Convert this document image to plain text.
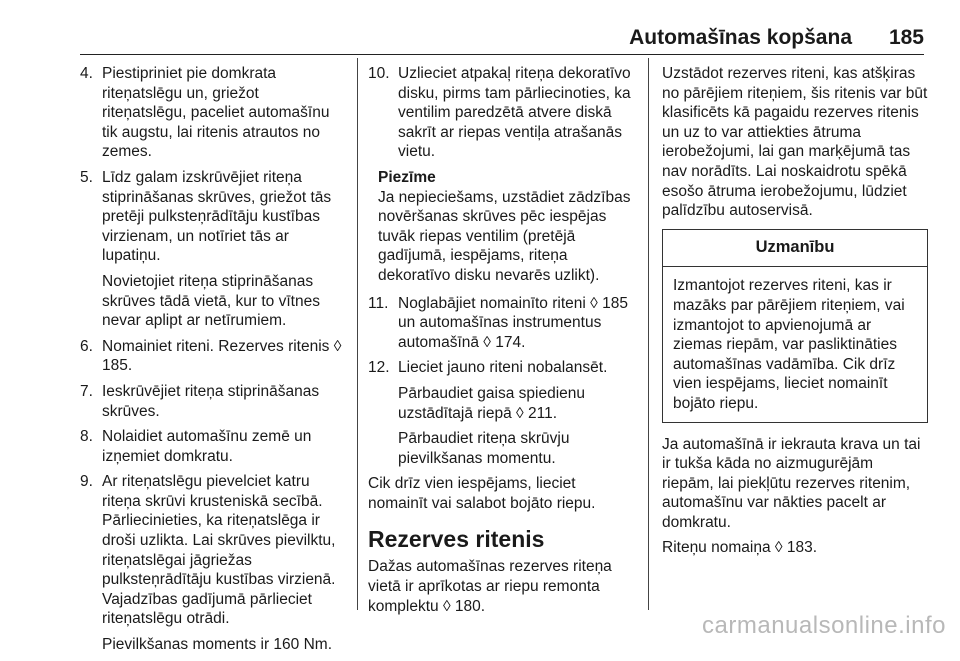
Automašīnas kopšana 185
4. Piestipriniet pie domkrata riteņatslēgu un, griežot riteņatslēgu, paceliet automašīnu tik augstu, lai ritenis atrautos no zemes.

5. Līdz galam izskrūvējiet riteņa stiprināšanas skrūves, griežot tās pretēji pulksteņrādītāju kustības virzienam, un notīriet tās ar lupatiņu.

Novietojiet riteņa stiprināšanas skrūves tādā vietā, kur to vītnes nevar aplipt ar netīrumiem.

6. Nomainiet riteni. Rezerves ritenis ◊ 185.

7. Ieskrūvējiet riteņa stiprināšanas skrūves.

8. Nolaidiet automašīnu zemē un izņemiet domkratu.

9. Ar riteņatslēgu pievelciet katru riteņa skrūvi krusteniskā secībā. Pārliecinieties, ka riteņatslēga ir droši uzlikta. Lai skrūves pievilktu, riteņatslēgai jāgriežas pulksteņrādītāju kustības virzienā. Vajadzības gadījumā pārlieciet riteņatslēgu otrādi.

Pievilkšanas moments ir 160 Nm.

10. Uzlieciet atpakaļ riteņa dekoratīvo disku, pirms tam pārliecinoties, ka ventilim paredzētā atvere diskā sakrīt ar riepas ventiļa atrašanās vietu.

Piezīme
Ja nepieciešams, uzstādiet zādzības novēršanas skrūves pēc iespējas tuvāk riepas ventilim (pretējā gadījumā, iespējams, riteņa dekoratīvo disku nevarēs uzlikt).
11. Noglabājiet nomainīto riteni ◊ 185 un automašīnas instrumentus automašīnā ◊ 174.

12. Lieciet jauno riteni nobalansēt.

Pārbaudiet gaisa spiedienu uzstādītajā riepā ◊ 211.

Pārbaudiet riteņa skrūvju pievilkšanas momentu.

Cik drīz vien iespējams, lieciet nomainīt vai salabot bojāto riepu.
Rezerves ritenis
Dažas automašīnas rezerves riteņa vietā ir aprīkotas ar riepu remonta komplektu ◊ 180.
Uzstādot rezerves riteni, kas atšķiras no pārējiem riteņiem, šis ritenis var būt klasificēts kā pagaidu rezerves ritenis un uz to var attiekties ātruma ierobežojumi, lai gan marķējumā tas nav norādīts. Lai noskaidrotu spēkā esošo ātruma ierobežojumu, lūdziet palīdzību autoservisā.
Uzmanību
Izmantojot rezerves riteni, kas ir mazāks par pārējiem riteņiem, vai izmantojot to apvienojumā ar ziemas riepām, var pasliktināties automašīnas vadāmība. Cik drīz vien iespējams, lieciet nomainīt bojāto riepu.
Ja automašīnā ir iekrauta krava un tai ir tukša kāda no aizmugurējām riepām, lai piekļūtu rezerves ritenim, automašīnu var nākties pacelt ar domkratu.
Riteņu nomaiņa ◊ 183.
carmanualsonline.info
